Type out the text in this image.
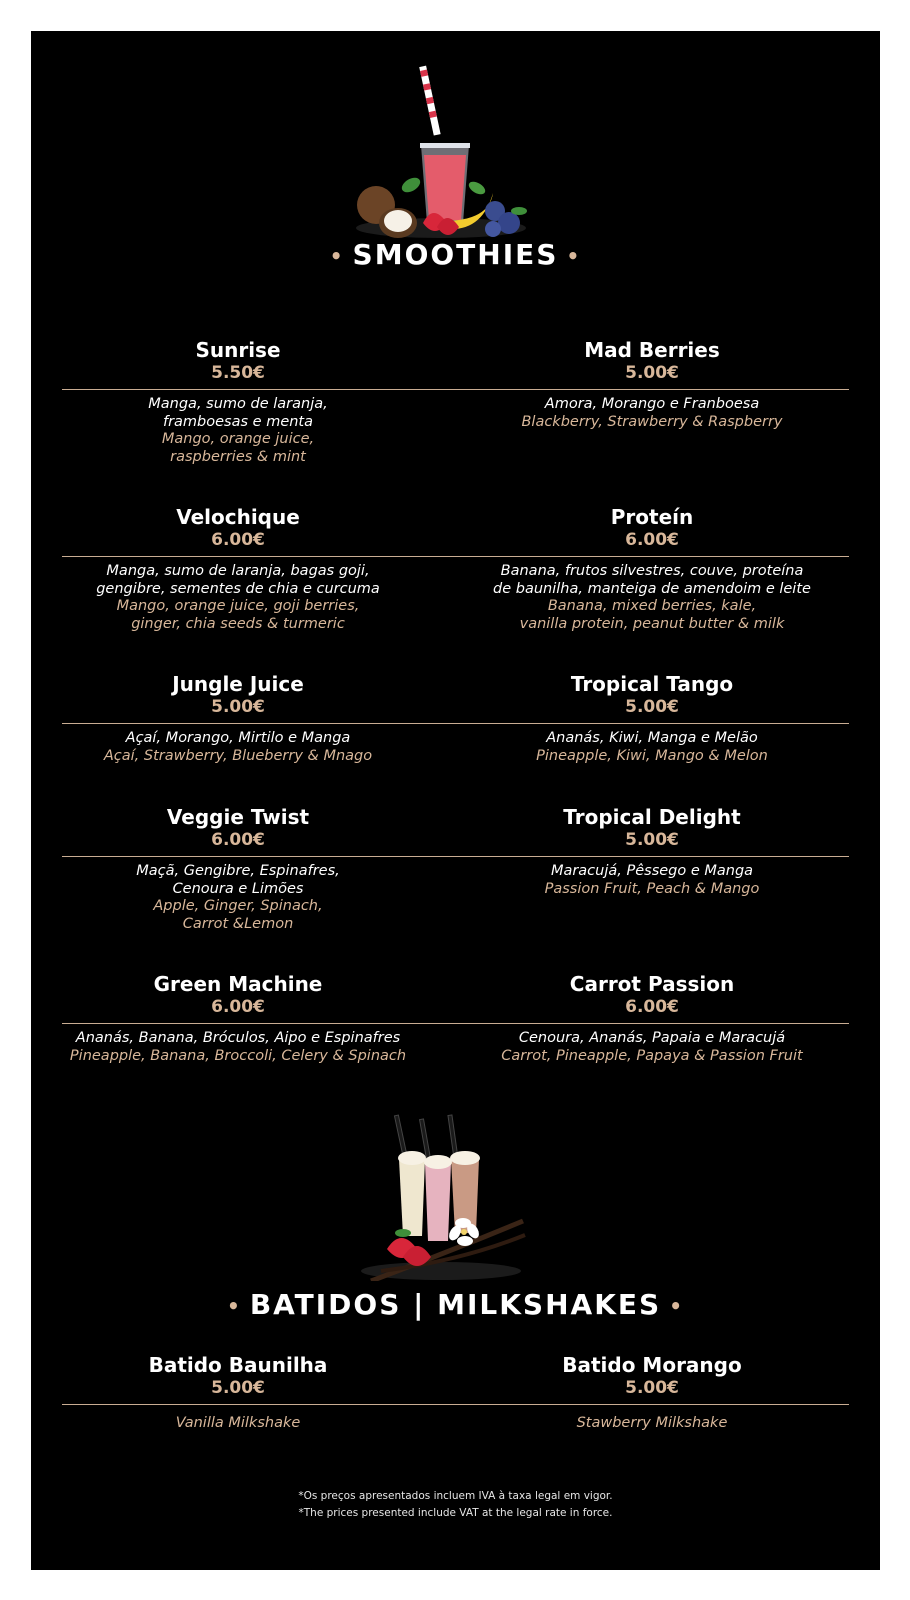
• SMOOTHIES •
Sunrise
5.50€
Manga, sumo de laranja,
framboesas e menta
Mango, orange juice,
raspberries & mint
Mad Berries
5.00€
Amora, Morango e Franboesa
Blackberry, Strawberry & Raspberry
Velochique
6.00€
Manga, sumo de laranja, bagas goji,
gengibre, sementes de chia e curcuma
Mango, orange juice, goji berries,
ginger, chia seeds & turmeric
Proteín
6.00€
Banana, frutos silvestres, couve, proteína
de baunilha, manteiga de amendoim e leite
Banana, mixed berries, kale,
vanilla protein, peanut butter & milk
Jungle Juice
5.00€
Açaí, Morango, Mirtilo e Manga
Açaí, Strawberry, Blueberry & Mnago
Tropical Tango
5.00€
Ananás, Kiwi, Manga e Melão
Pineapple, Kiwi, Mango & Melon
Veggie Twist
6.00€
Maçã, Gengibre, Espinafres,
Cenoura e Limões
Apple, Ginger, Spinach,
Carrot &Lemon
Tropical Delight
5.00€
Maracujá, Pêssego e Manga
Passion Fruit, Peach & Mango
Green Machine
6.00€
Ananás, Banana, Bróculos, Aipo e Espinafres
Pineapple, Banana, Broccoli, Celery & Spinach
Carrot Passion
6.00€
Cenoura, Ananás, Papaia e Maracujá
Carrot, Pineapple, Papaya & Passion Fruit
• BATIDOS | MILKSHAKES •
Batido Baunilha
5.00€
Vanilla Milkshake
Batido Morango
5.00€
Stawberry Milkshake
*Os preços apresentados incluem IVA à taxa legal em vigor.
*The prices presented include VAT at the legal rate in force.
